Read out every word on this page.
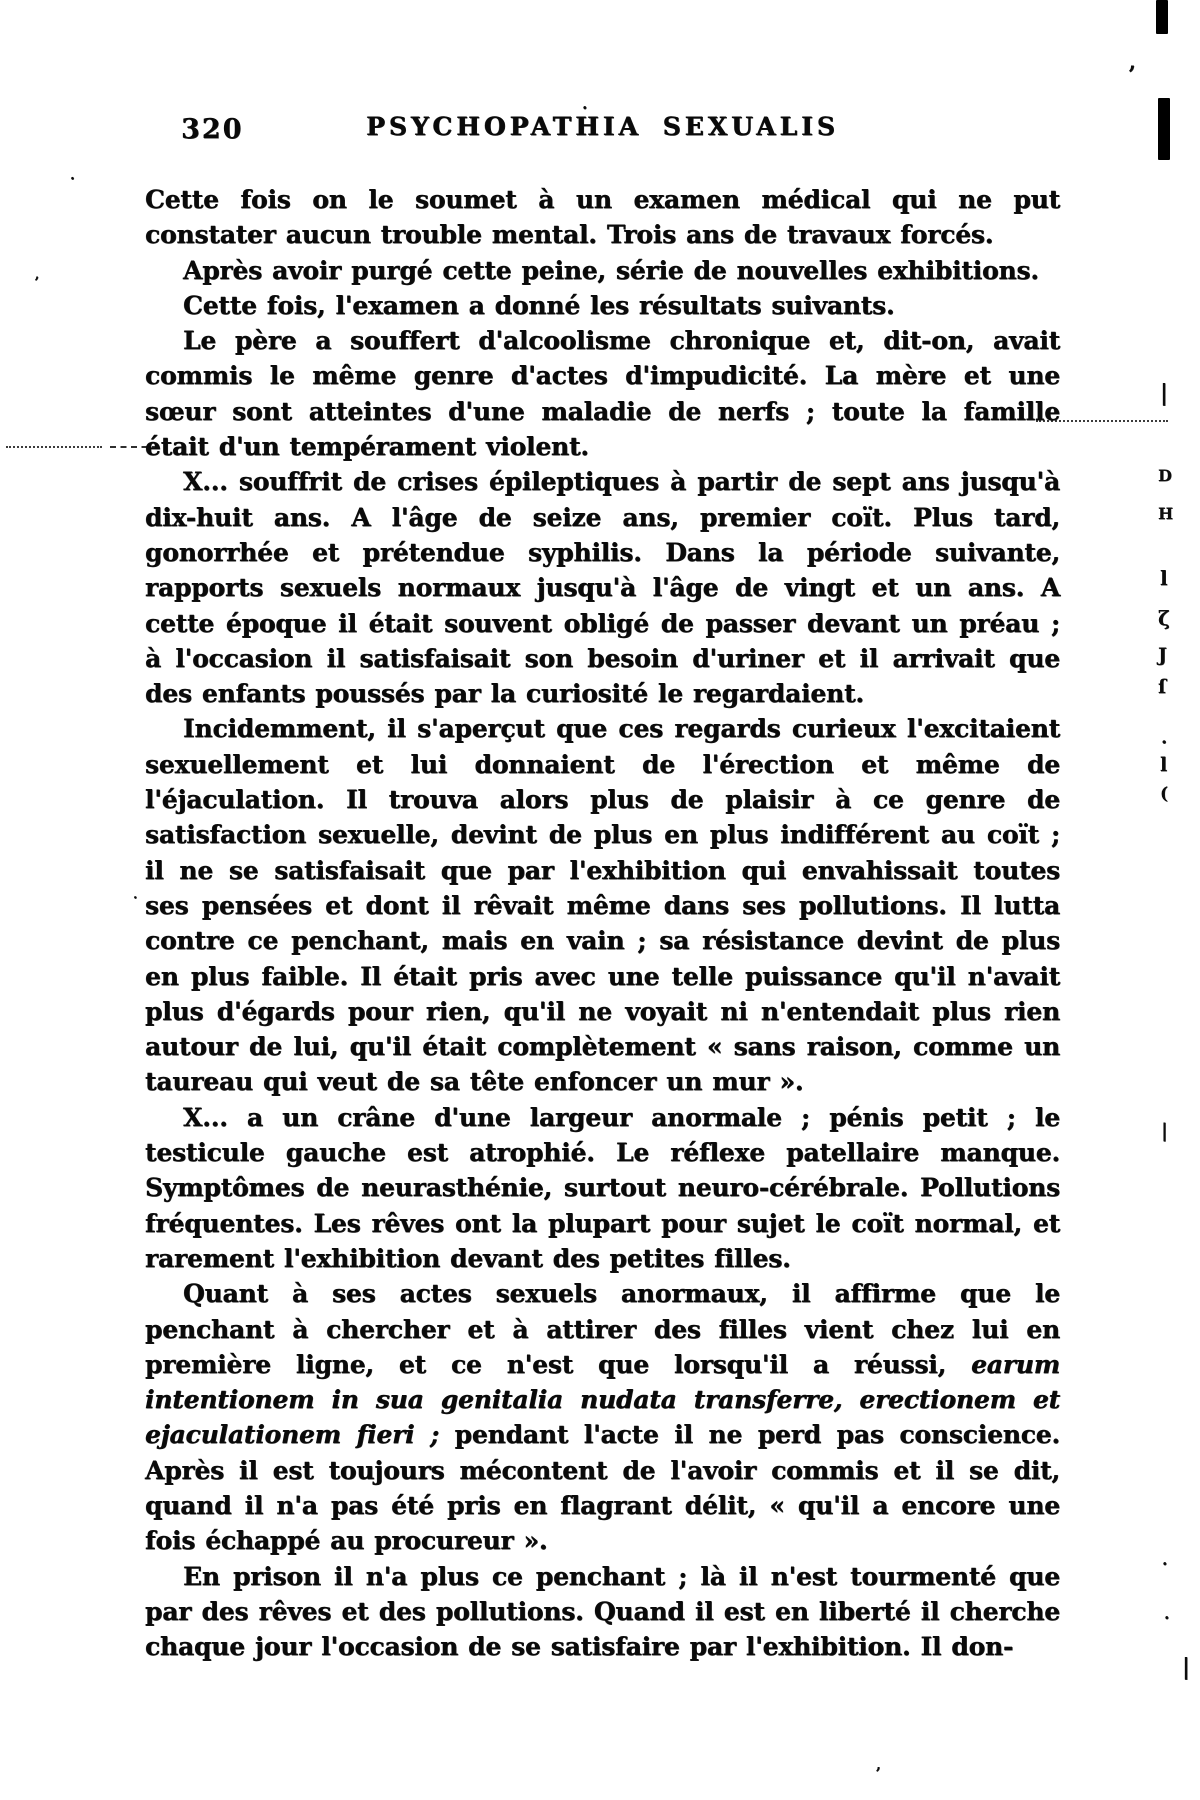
320	PSYCHOPATHIA SEXUALIS

Cette fois on le soumet à un examen médical qui ne put constater aucun trouble mental. Trois ans de travaux forcés.

Après avoir purgé cette peine, série de nouvelles exhibitions.

Cette fois, l'examen a donné les résultats suivants.

Le père a souffert d'alcoolisme chronique et, dit-on, avait commis le même genre d'actes d'impudicité. La mère et une sœur sont atteintes d'une maladie de nerfs ; toute la famille était d'un tempérament violent.

X... souffrit de crises épileptiques à partir de sept ans jusqu'à dix-huit ans. A l'âge de seize ans, premier coït. Plus tard, gonorrhée et prétendue syphilis. Dans la période suivante, rapports sexuels normaux jusqu'à l'âge de vingt et un ans. A cette époque il était souvent obligé de passer devant un préau ; à l'occasion il satisfaisait son besoin d'uriner et il arrivait que des enfants poussés par la curiosité le regardaient.

Incidemment, il s'aperçut que ces regards curieux l'excitaient sexuellement et lui donnaient de l'érection et même de l'éjaculation. Il trouva alors plus de plaisir à ce genre de satisfaction sexuelle, devint de plus en plus indifférent au coït ; il ne se satisfaisait que par l'exhibition qui envahissait toutes ses pensées et dont il rêvait même dans ses pollutions. Il lutta contre ce penchant, mais en vain ; sa résistance devint de plus en plus faible. Il était pris avec une telle puissance qu'il n'avait plus d'égards pour rien, qu'il ne voyait ni n'entendait plus rien autour de lui, qu'il était complètement « sans raison, comme un taureau qui veut de sa tête enfoncer un mur ».

X... a un crâne d'une largeur anormale ; pénis petit ; le testicule gauche est atrophié. Le réflexe patellaire manque. Symptômes de neurasthénie, surtout neuro-cérébrale. Pollutions fréquentes. Les rêves ont la plupart pour sujet le coït normal, et rarement l'exhibition devant des petites filles.

Quant à ses actes sexuels anormaux, il affirme que le penchant à chercher et à attirer des filles vient chez lui en première ligne, et ce n'est que lorsqu'il a réussi, earum intentionem in sua genitalia nudata transferre, erectionem et ejaculationem fieri ; pendant l'acte il ne perd pas conscience. Après il est toujours mécontent de l'avoir commis et il se dit, quand il n'a pas été pris en flagrant délit, « qu'il a encore une fois échappé au procureur ».

En prison il n'a plus ce penchant ; là il n'est tourmenté que par des rêves et des pollutions. Quand il est en liberté il cherche chaque jour l'occasion de se satisfaire par l'exhibition. Il don-

’
·
·
ʼ
|
D
H
l
ζ
J
ſ
·
l
(
·
|
.
.
|
,
